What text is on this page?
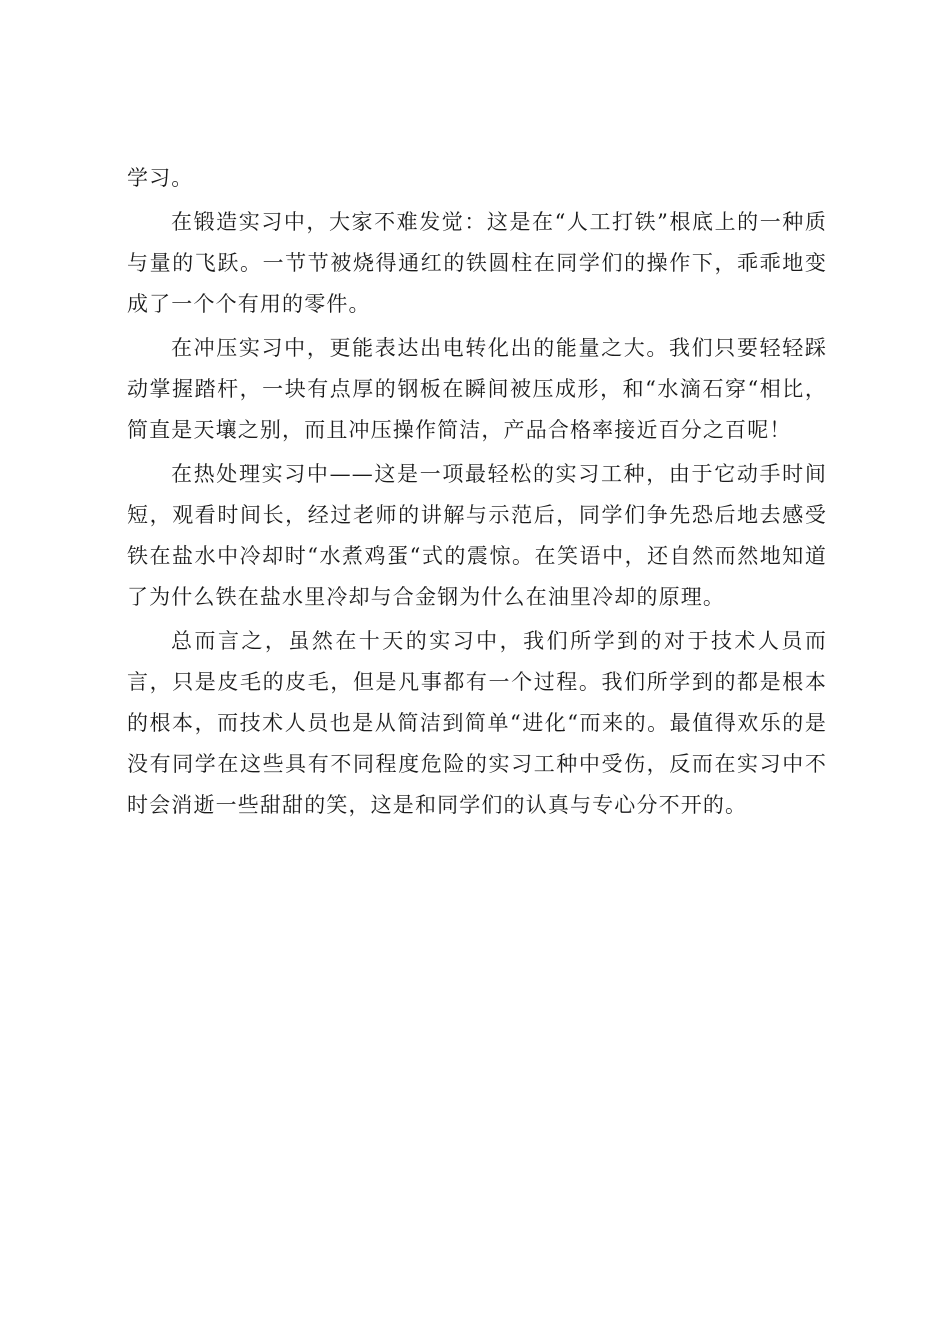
学习。

在锻造实习中，大家不难发觉：这是在“人工打铁”根底上的一种质与量的飞跃。一节节被烧得通红的铁圆柱在同学们的操作下，乖乖地变成了一个个有用的零件。

在冲压实习中，更能表达出电转化出的能量之大。我们只要轻轻踩动掌握踏杆，一块有点厚的钢板在瞬间被压成形，和“水滴石穿“相比，简直是天壤之别，而且冲压操作简洁，产品合格率接近百分之百呢！

在热处理实习中——这是一项最轻松的实习工种，由于它动手时间短，观看时间长，经过老师的讲解与示范后，同学们争先恐后地去感受铁在盐水中冷却时“水煮鸡蛋“式的震惊。在笑语中，还自然而然地知道了为什么铁在盐水里冷却与合金钢为什么在油里冷却的原理。

总而言之，虽然在十天的实习中，我们所学到的对于技术人员而言，只是皮毛的皮毛，但是凡事都有一个过程。我们所学到的都是根本的根本，而技术人员也是从简洁到简单“进化“而来的。最值得欢乐的是没有同学在这些具有不同程度危险的实习工种中受伤，反而在实习中不时会消逝一些甜甜的笑，这是和同学们的认真与专心分不开的。
